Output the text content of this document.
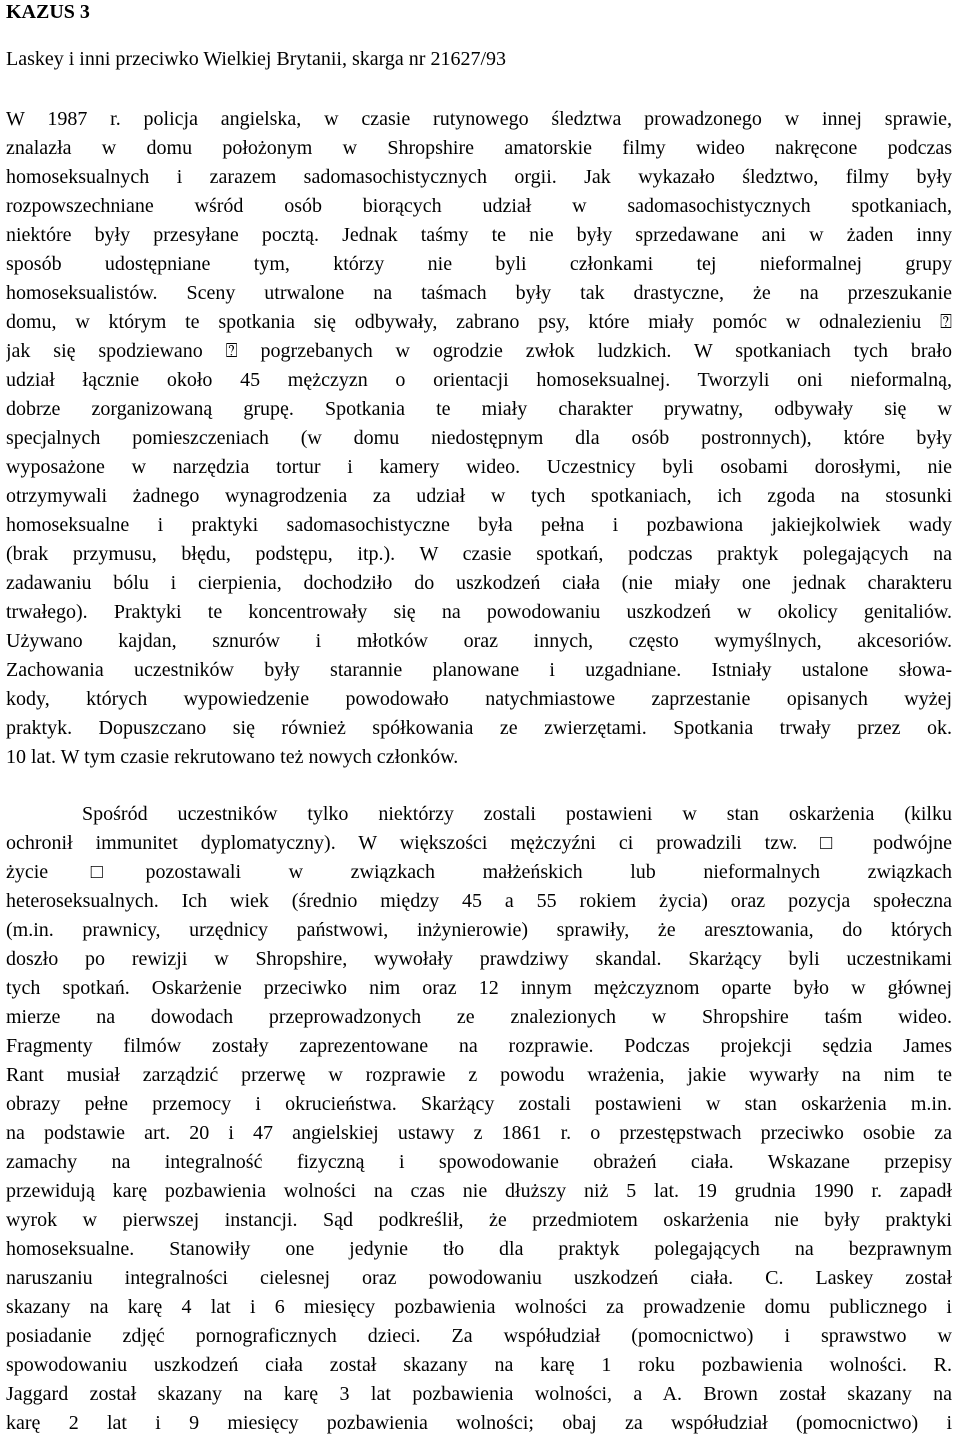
KAZUS 3
Laskey i inni przeciwko Wielkiej Brytanii, skarga nr 21627/93
W 1987 r. policja angielska, w czasie rutynowego śledztwa prowadzonego w innej sprawie,
znalazła w domu położonym w Shropshire amatorskie filmy wideo nakręcone podczas
homoseksualnych i zarazem sadomasochistycznych orgii. Jak wykazało śledztwo, filmy były
rozpowszechniane wśród osób biorących udział w sadomasochistycznych spotkaniach,
niektóre były przesyłane pocztą. Jednak taśmy te nie były sprzedawane ani w żaden inny
sposób udostępniane tym, którzy nie byli członkami tej nieformalnej grupy
homoseksualistów. Sceny utrwalone na taśmach były tak drastyczne, że na przeszukanie
domu, w którym te spotkania się odbywały, zabrano psy, które miały pomóc w odnalezieniu ⍰
jak się spodziewano ⍰ pogrzebanych w ogrodzie zwłok ludzkich. W spotkaniach tych brało
udział łącznie około 45 mężczyzn o orientacji homoseksualnej. Tworzyli oni nieformalną,
dobrze zorganizowaną grupę. Spotkania te miały charakter prywatny, odbywały się w
specjalnych pomieszczeniach (w domu niedostępnym dla osób postronnych), które były
wyposażone w narzędzia tortur i kamery wideo. Uczestnicy byli osobami dorosłymi, nie
otrzymywali żadnego wynagrodzenia za udział w tych spotkaniach, ich zgoda na stosunki
homoseksualne i praktyki sadomasochistyczne była pełna i pozbawiona jakiejkolwiek wady
(brak przymusu, błędu, podstępu, itp.). W czasie spotkań, podczas praktyk polegających na
zadawaniu bólu i cierpienia, dochodziło do uszkodzeń ciała (nie miały one jednak charakteru
trwałego). Praktyki te koncentrowały się na powodowaniu uszkodzeń w okolicy genitaliów.
Używano kajdan, sznurów i młotków oraz innych, często wymyślnych, akcesoriów.
Zachowania uczestników były starannie planowane i uzgadniane. Istniały ustalone słowa-
kody, których wypowiedzenie powodowało natychmiastowe zaprzestanie opisanych wyżej
praktyk. Dopuszczano się również spółkowania ze zwierzętami. Spotkania trwały przez ok.
10 lat. W tym czasie rekrutowano też nowych członków.
Spośród uczestników tylko niektórzy zostali postawieni w stan oskarżenia (kilku
ochronił immunitet dyplomatyczny). W większości mężczyźni ci prowadzili tzw. □ podwójne
życie□pozostawali w związkach małżeńskich lub nieformalnych związkach
heteroseksualnych. Ich wiek (średnio między 45 a 55 rokiem życia) oraz pozycja społeczna
(m.in. prawnicy, urzędnicy państwowi, inżynierowie) sprawiły, że aresztowania, do których
doszło po rewizji w Shropshire, wywołały prawdziwy skandal. Skarżący byli uczestnikami
tych spotkań. Oskarżenie przeciwko nim oraz 12 innym mężczyznom oparte było w głównej
mierze na dowodach przeprowadzonych ze znalezionych w Shropshire taśm wideo.
Fragmenty filmów zostały zaprezentowane na rozprawie. Podczas projekcji sędzia James
Rant musiał zarządzić przerwę w rozprawie z powodu wrażenia, jakie wywarły na nim te
obrazy pełne przemocy i okrucieństwa. Skarżący zostali postawieni w stan oskarżenia m.in.
na podstawie art. 20 i 47 angielskiej ustawy z 1861 r. o przestępstwach przeciwko osobie za
zamachy na integralność fizyczną i spowodowanie obrażeń ciała. Wskazane przepisy
przewidują karę pozbawienia wolności na czas nie dłuższy niż 5 lat. 19 grudnia 1990 r. zapadł
wyrok w pierwszej instancji. Sąd podkreślił, że przedmiotem oskarżenia nie były praktyki
homoseksualne. Stanowiły one jedynie tło dla praktyk polegających na bezprawnym
naruszaniu integralności cielesnej oraz powodowaniu uszkodzeń ciała. C. Laskey został
skazany na karę 4 lat i 6 miesięcy pozbawienia wolności za prowadzenie domu publicznego i
posiadanie zdjęć pornograficznych dzieci. Za współudział (pomocnictwo) i sprawstwo w
spowodowaniu uszkodzeń ciała został skazany na karę 1 roku pozbawienia wolności. R.
Jaggard został skazany na karę 3 lat pozbawienia wolności, a A. Brown został skazany na
karę 2 lat i 9 miesięcy pozbawienia wolności; obaj za współudział (pomocnictwo) i
